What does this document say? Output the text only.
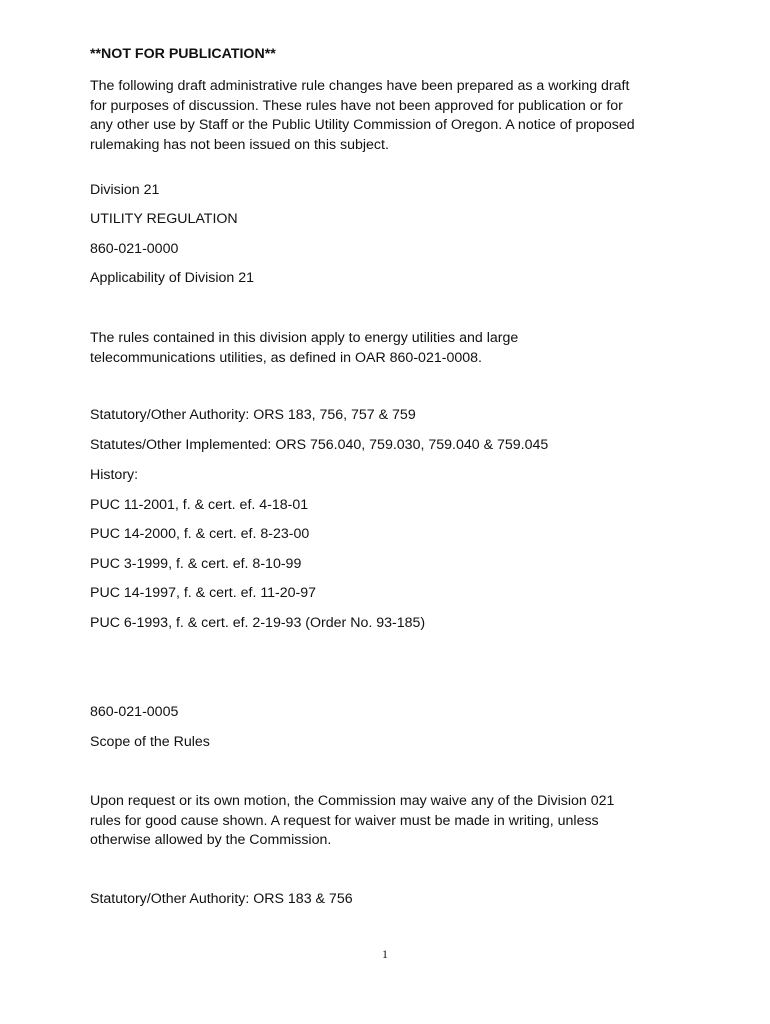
**NOT FOR PUBLICATION**

The following draft administrative rule changes have been prepared as a working draft
for purposes of discussion. These rules have not been approved for publication or for
any other use by Staff or the Public Utility Commission of Oregon. A notice of proposed
rulemaking has not been issued on this subject.

Division 21

UTILITY REGULATION

860-021-0000

Applicability of Division 21

The rules contained in this division apply to energy utilities and large
telecommunications utilities, as defined in OAR 860-021-0008.

Statutory/Other Authority: ORS 183, 756, 757 & 759

Statutes/Other Implemented: ORS 756.040, 759.030, 759.040 & 759.045

History:

PUC 11-2001, f. & cert. ef. 4-18-01

PUC 14-2000, f. & cert. ef. 8-23-00

PUC 3-1999, f. & cert. ef. 8-10-99

PUC 14-1997, f. & cert. ef. 11-20-97

PUC 6-1993, f. & cert. ef. 2-19-93 (Order No. 93-185)

860-021-0005

Scope of the Rules

Upon request or its own motion, the Commission may waive any of the Division 021
rules for good cause shown. A request for waiver must be made in writing, unless
otherwise allowed by the Commission.

Statutory/Other Authority: ORS 183 & 756

1
